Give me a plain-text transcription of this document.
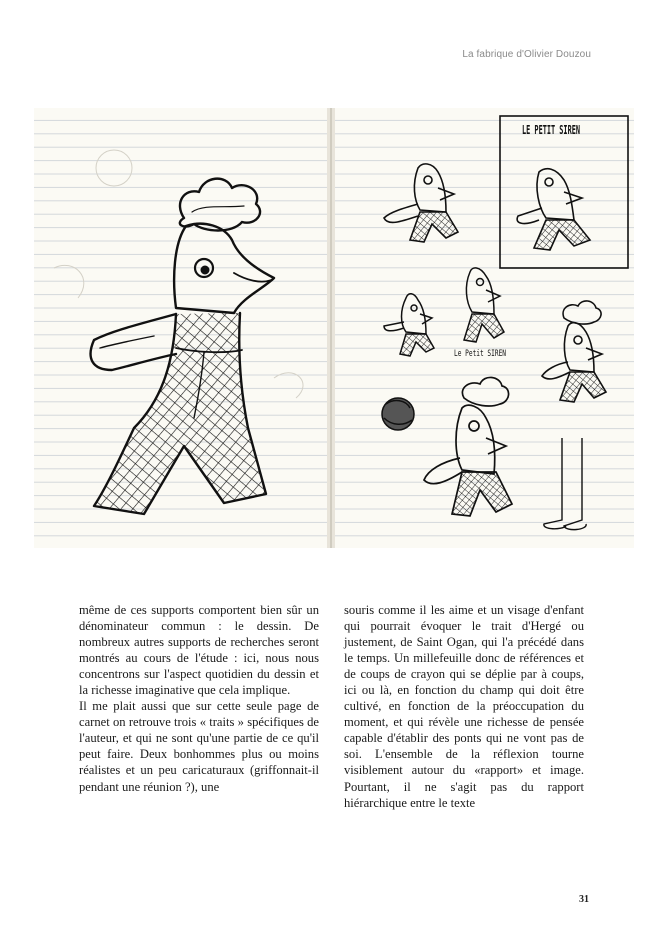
La fabrique d'Olivier Douzou
LE PETIT SIREN
Le Petit SIREN

même de ces supports comportent bien sûr un dénominateur commun : le dessin. De nombreux autres supports de recherches seront montrés au cours de l'étude : ici, nous nous concentrons sur l'aspect quotidien du dessin et la richesse imaginative que cela implique.

Il me plait aussi que sur cette seule page de carnet on retrouve trois « traits » spécifiques de l'auteur, et qui ne sont qu'une partie de ce qu'il peut faire. Deux bonhommes plus ou moins réalistes et un peu caricaturaux (griffonnait-il pendant une réunion ?), une

souris comme il les aime et un visage d'enfant qui pourrait évoquer le trait d'Hergé ou justement, de Saint Ogan, qui l'a précédé dans le temps. Un millefeuille donc de références et de coups de crayon qui se déplie par à coups, ici ou là, en fonction du champ qui doit être cultivé, en fonction de la préoccupation du moment, et qui révèle une richesse de pensée capable d'établir des ponts qui ne vont pas de soi. L'ensemble de la réflexion tourne visiblement autour du «rapport» et image. Pourtant, il ne s'agit pas du rapport hiérarchique entre le texte

31
